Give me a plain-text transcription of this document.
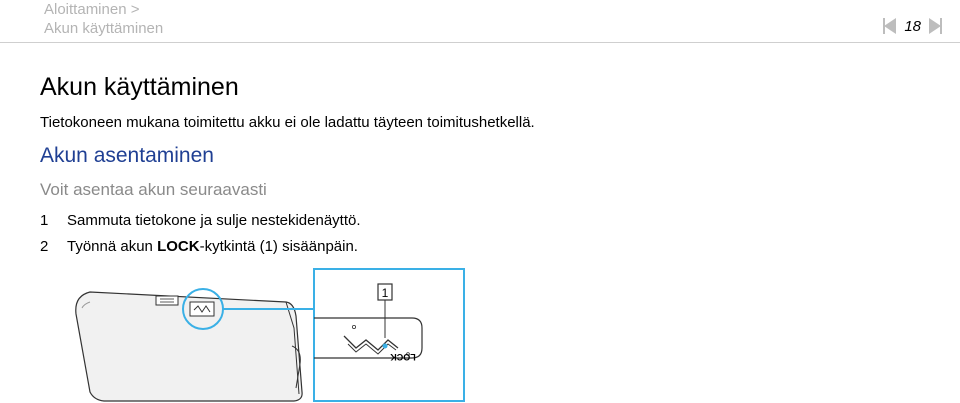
Aloittaminen >
Akun käyttäminen	18
Akun käyttäminen

Tietokoneen mukana toimitettu akku ei ole ladattu täyteen toimitushetkellä.

Akun asentaminen

Voit asentaa akun seuraavasti

1	Sammuta tietokone ja sulje nestekidenäyttö.
2	Työnnä akun LOCK-kytkintä (1) sisäänpäin.
1
LOCK
